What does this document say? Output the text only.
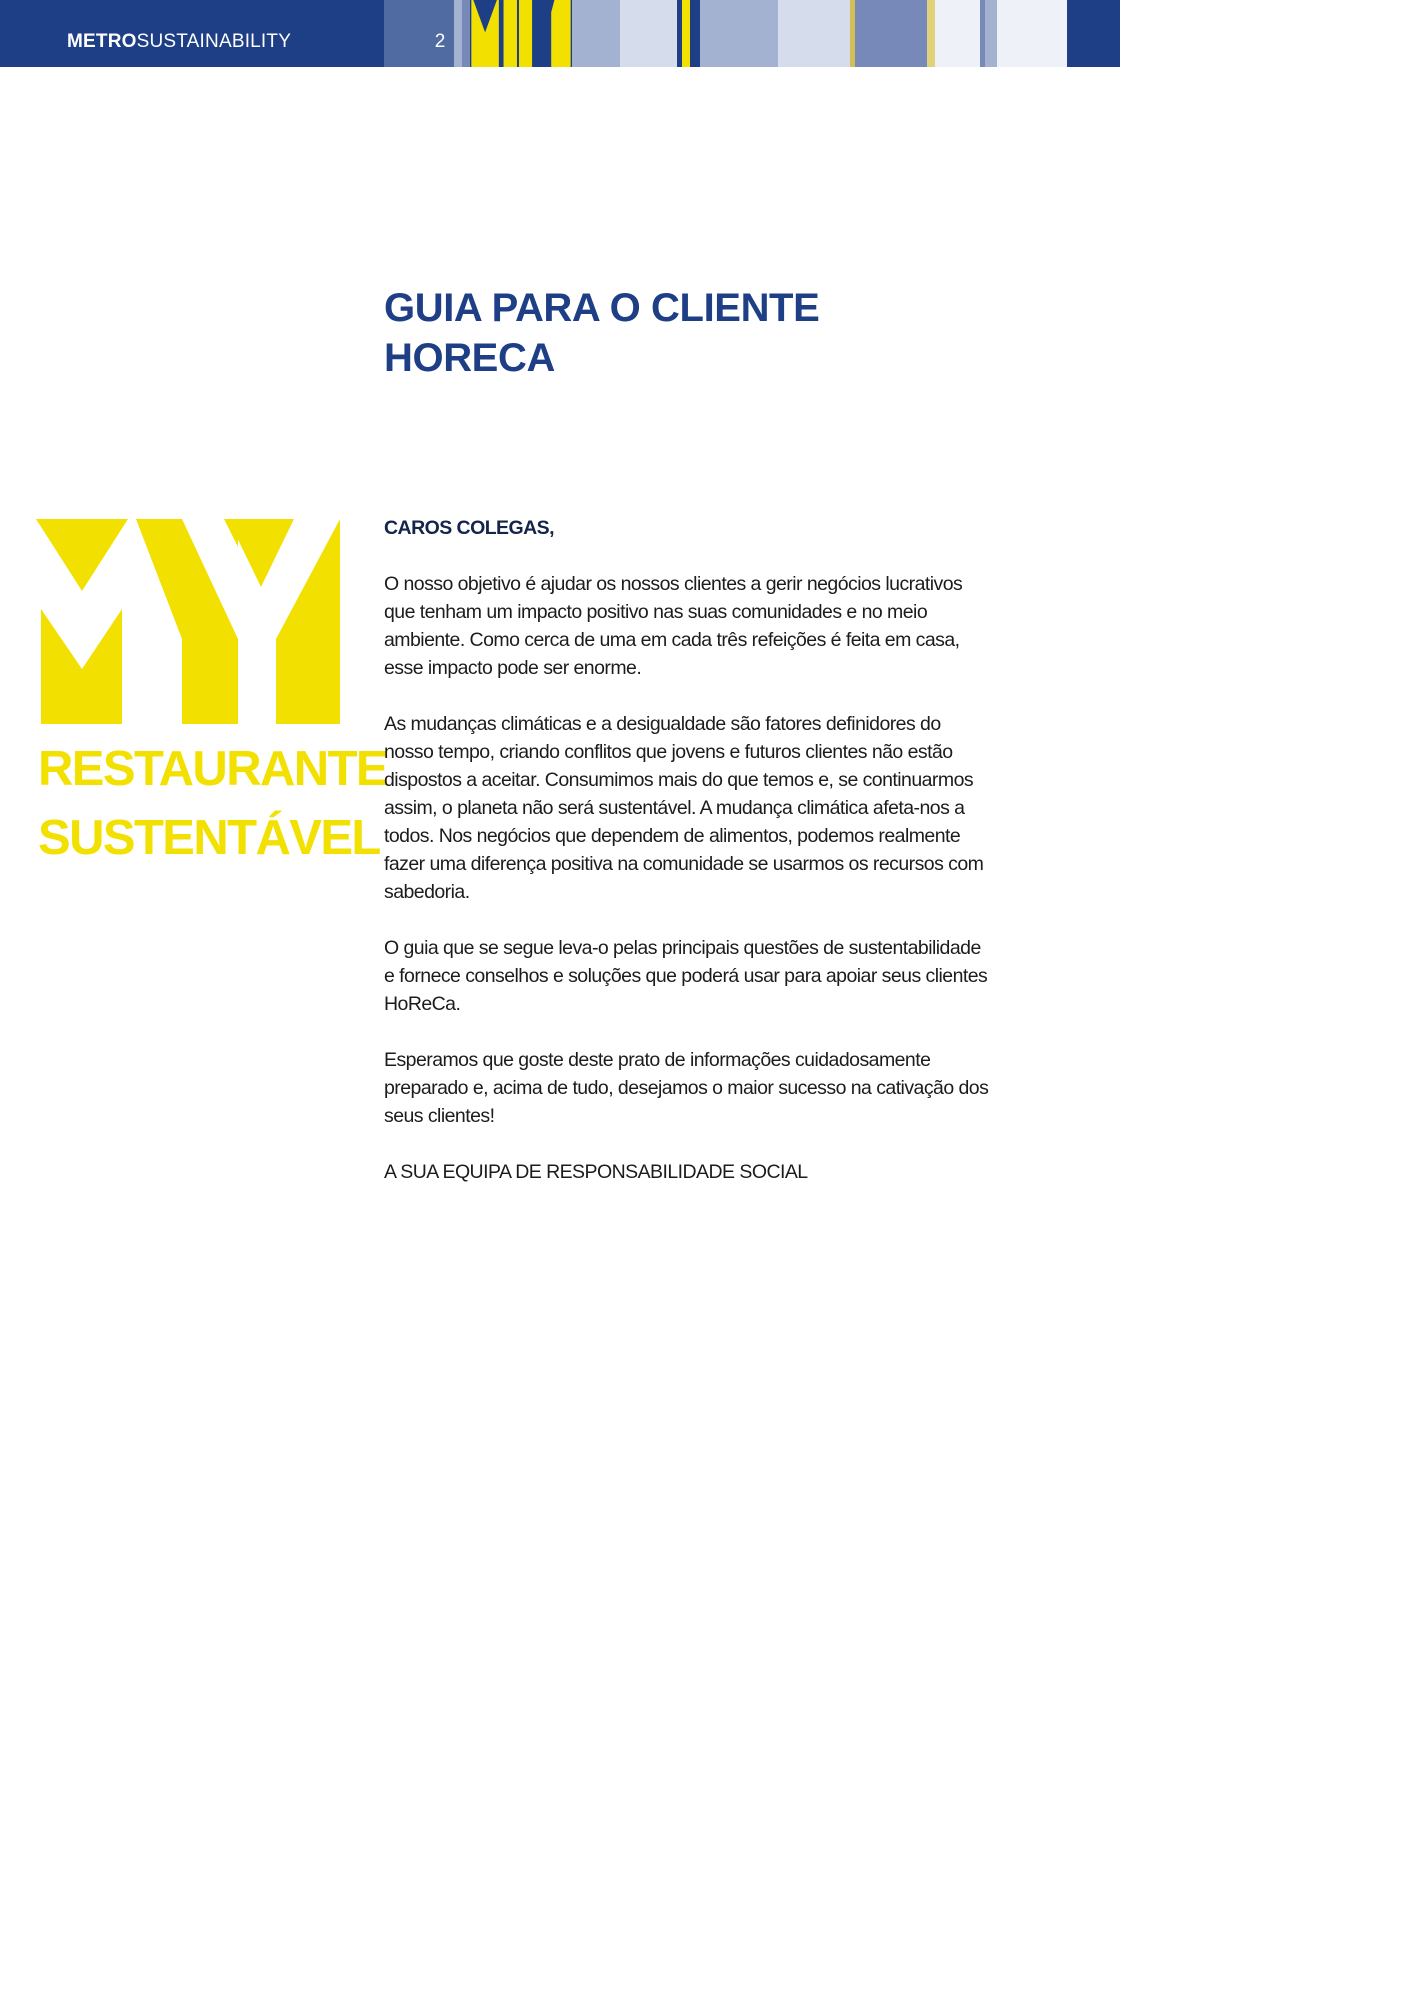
METROSUSTAINABILITY	2
GUIA PARA O CLIENTE
HORECA
RESTAURANTE
SUSTENTÁVEL

CAROS COLEGAS,

O nosso objetivo é ajudar os nossos clientes a gerir negócios lucrativos que tenham um impacto positivo nas suas comunidades e no meio ambiente. Como cerca de uma em cada três refeições é feita em casa, esse impacto pode ser enorme.

As mudanças climáticas e a desigualdade são fatores definidores do nosso tempo, criando conflitos que jovens e futuros clientes não estão dispostos a aceitar. Consumimos mais do que temos e, se continuarmos assim, o planeta não será sustentável. A mudança climática afeta-nos a todos. Nos negócios que dependem de alimentos, podemos realmente fazer uma diferença positiva na comunidade se usarmos os recursos com sabedoria.

O guia que se segue leva-o pelas principais questões de sustentabilidade e fornece conselhos e soluções que poderá usar para apoiar seus clientes HoReCa.

Esperamos que goste deste prato de informações cuidadosamente preparado e, acima de tudo, desejamos o maior sucesso na cativação dos seus clientes!

A SUA EQUIPA DE RESPONSABILIDADE SOCIAL
